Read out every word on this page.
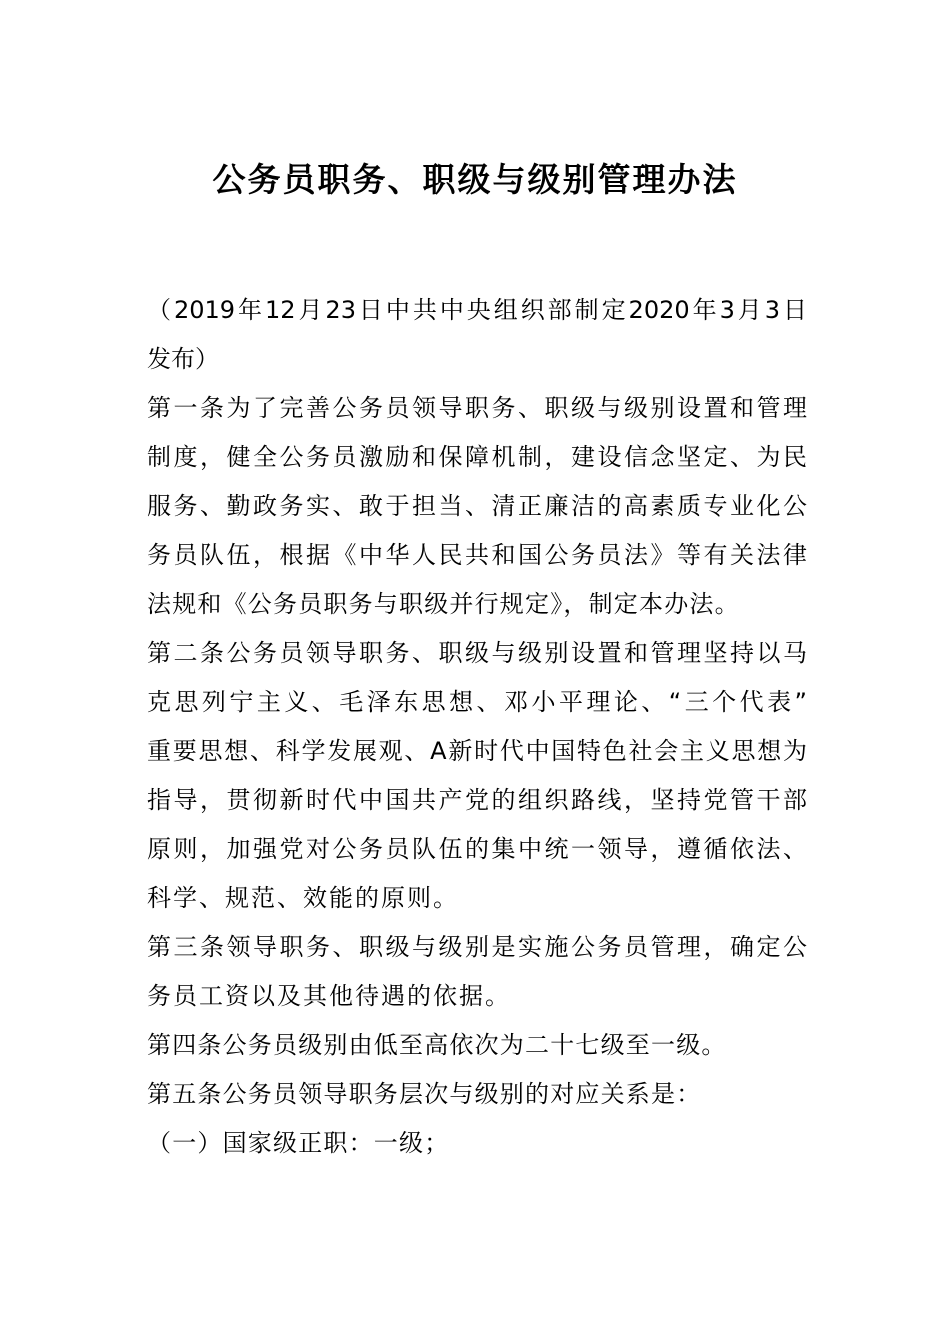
公务员职务、职级与级别管理办法
（2019年12月23日中共中央组织部制定2020年3月3日
发布）
第一条为了完善公务员领导职务、职级与级别设置和管理
制度，健全公务员激励和保障机制，建设信念坚定、为民
服务、勤政务实、敢于担当、清正廉洁的高素质专业化公
务员队伍，根据《中华人民共和国公务员法》等有关法律
法规和《公务员职务与职级并行规定》，制定本办法。
第二条公务员领导职务、职级与级别设置和管理坚持以马
克思列宁主义、毛泽东思想、邓小平理论、“三个代表”
重要思想、科学发展观、A新时代中国特色社会主义思想为
指导，贯彻新时代中国共产党的组织路线，坚持党管干部
原则，加强党对公务员队伍的集中统一领导，遵循依法、
科学、规范、效能的原则。
第三条领导职务、职级与级别是实施公务员管理，确定公
务员工资以及其他待遇的依据。
第四条公务员级别由低至高依次为二十七级至一级。
第五条公务员领导职务层次与级别的对应关系是：
（一）国家级正职：一级；
